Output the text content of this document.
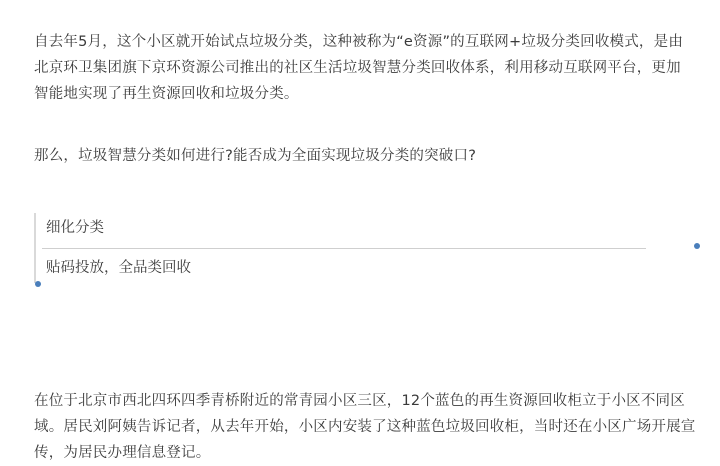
自去年5月，这个小区就开始试点垃圾分类，这种被称为“e资源”的互联网+垃圾分类回收模式，是由北京环卫集团旗下京环资源公司推出的社区生活垃圾智慧分类回收体系，利用移动互联网平台，更加智能地实现了再生资源回收和垃圾分类。

那么，垃圾智慧分类如何进行?能否成为全面实现垃圾分类的突破口?

细化分类
贴码投放，全品类回收

在位于北京市西北四环四季青桥附近的常青园小区三区，12个蓝色的再生资源回收柜立于小区不同区域。居民刘阿姨告诉记者，从去年开始，小区内安装了这种蓝色垃圾回收柜，当时还在小区广场开展宣传，为居民办理信息登记。
